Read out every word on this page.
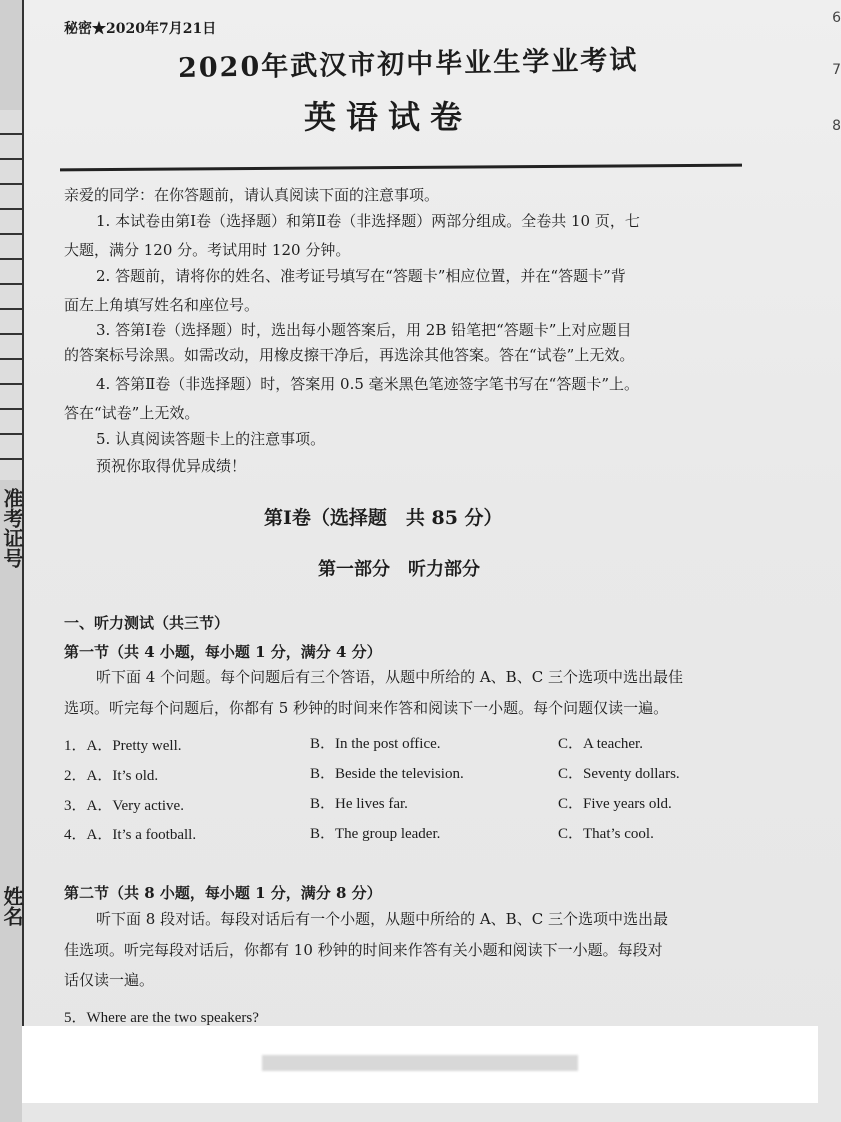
准考证号
姓名
6
7
8
秘密★2020年7月21日
2020年武汉市初中毕业生学业考试
英语试卷
亲爱的同学：在你答题前，请认真阅读下面的注意事项。
1. 本试卷由第Ⅰ卷（选择题）和第Ⅱ卷（非选择题）两部分组成。全卷共 10 页，七
大题，满分 120 分。考试用时 120 分钟。
2. 答题前，请将你的姓名、准考证号填写在“答题卡”相应位置，并在“答题卡”背
面左上角填写姓名和座位号。
3. 答第Ⅰ卷（选择题）时，选出每小题答案后，用 2B 铅笔把“答题卡”上对应题目
的答案标号涂黑。如需改动，用橡皮擦干净后，再选涂其他答案。答在“试卷”上无效。
4. 答第Ⅱ卷（非选择题）时，答案用 0.5 毫米黑色笔迹签字笔书写在“答题卡”上。
答在“试卷”上无效。
5. 认真阅读答题卡上的注意事项。
预祝你取得优异成绩！
第Ⅰ卷（选择题　共 85 分）
第一部分　听力部分
一、听力测试（共三节）
第一节（共 4 小题，每小题 1 分，满分 4 分）
听下面 4 个问题。每个问题后有三个答语，从题中所给的 A、B、C 三个选项中选出最佳
选项。听完每个问题后，你都有 5 秒钟的时间来作答和阅读下一小题。每个问题仅读一遍。
1．A．Pretty well.	B．In the post office.	C．A teacher.
2．A．It’s old.	B．Beside the television.	C．Seventy dollars.
3．A．Very active.	B．He lives far.	C．Five years old.
4．A．It’s a football.	B．The group leader.	C．That’s cool.
第二节（共 8 小题，每小题 1 分，满分 8 分）
听下面 8 段对话。每段对话后有一个小题，从题中所给的 A、B、C 三个选项中选出最
佳选项。听完每段对话后，你都有 10 秒钟的时间来作答有关小题和阅读下一小题。每段对
话仅读一遍。
5．Where are the two speakers?
